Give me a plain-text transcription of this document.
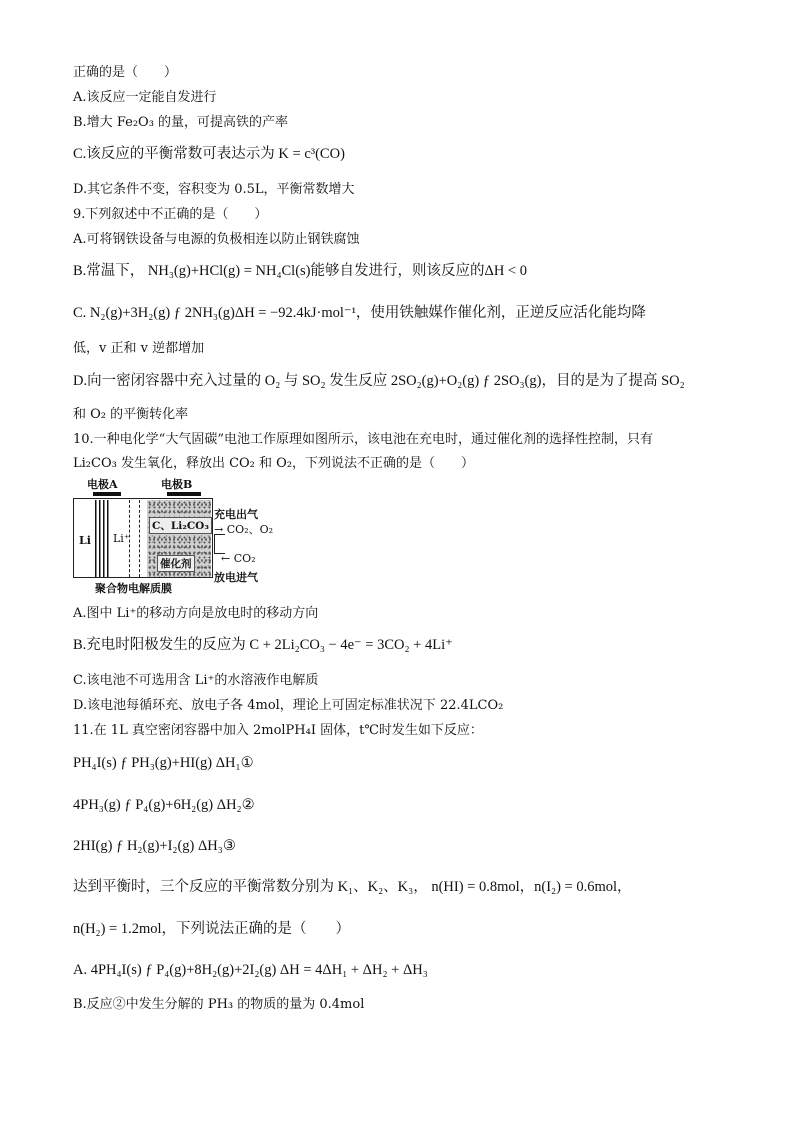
正确的是（　　）
A.该反应一定能自发进行
B.增大 Fe₂O₃ 的量，可提高铁的产率
C.该反应的平衡常数可表达示为 K = c³(CO)
D.其它条件不变，容积变为 0.5L，平衡常数增大
9.下列叙述中不正确的是（　　）
A.可将钢铁设备与电源的负极相连以防止钢铁腐蚀
B.常温下， NH₃(g)+HCl(g) = NH₄Cl(s)能够自发进行，则该反应的ΔH < 0
C. N₂(g)+3H₂(g) ƒ 2NH₃(g)ΔH = −92.4kJ·mol⁻¹，使用铁触媒作催化剂，正逆反应活化能均降
低，v 正和 v 逆都增加
D.向一密闭容器中充入过量的 O₂ 与 SO₂ 发生反应 2SO₂(g)+O₂(g) ƒ 2SO₃(g)，目的是为了提高 SO₂
和 O₂ 的平衡转化率
10.一种电化学“大气固碳”电池工作原理如图所示，该电池在充电时，通过催化剂的选择性控制，只有
Li₂CO₃ 发生氧化，释放出 CO₂ 和 O₂，下列说法不正确的是（　　）
电极A	电极B
Li Li⁺
C、Li₂CO₃
催化剂
充电出气
→ CO₂、O₂
← CO₂
放电进气
聚合物电解质膜
A.图中 Li⁺的移动方向是放电时的移动方向
B.充电时阳极发生的反应为 C + 2Li₂CO₃ − 4e⁻ = 3CO₂ + 4Li⁺
C.该电池不可选用含 Li⁺的水溶液作电解质
D.该电池每循环充、放电子各 4mol，理论上可固定标准状况下 22.4LCO₂
11.在 1L 真空密闭容器中加入 2molPH₄I 固体，t℃时发生如下反应：
PH₄I(s) ƒ PH₃(g)+HI(g) ΔH₁①
4PH₃(g) ƒ P₄(g)+6H₂(g) ΔH₂②
2HI(g) ƒ H₂(g)+I₂(g) ΔH₃③
达到平衡时，三个反应的平衡常数分别为 K₁、K₂、K₃， n(HI) = 0.8mol，n(I₂) = 0.6mol，
n(H₂) = 1.2mol，下列说法正确的是（　　）
A. 4PH₄I(s) ƒ P₄(g)+8H₂(g)+2I₂(g) ΔH = 4ΔH₁ + ΔH₂ + ΔH₃
B.反应②中发生分解的 PH₃ 的物质的量为 0.4mol
